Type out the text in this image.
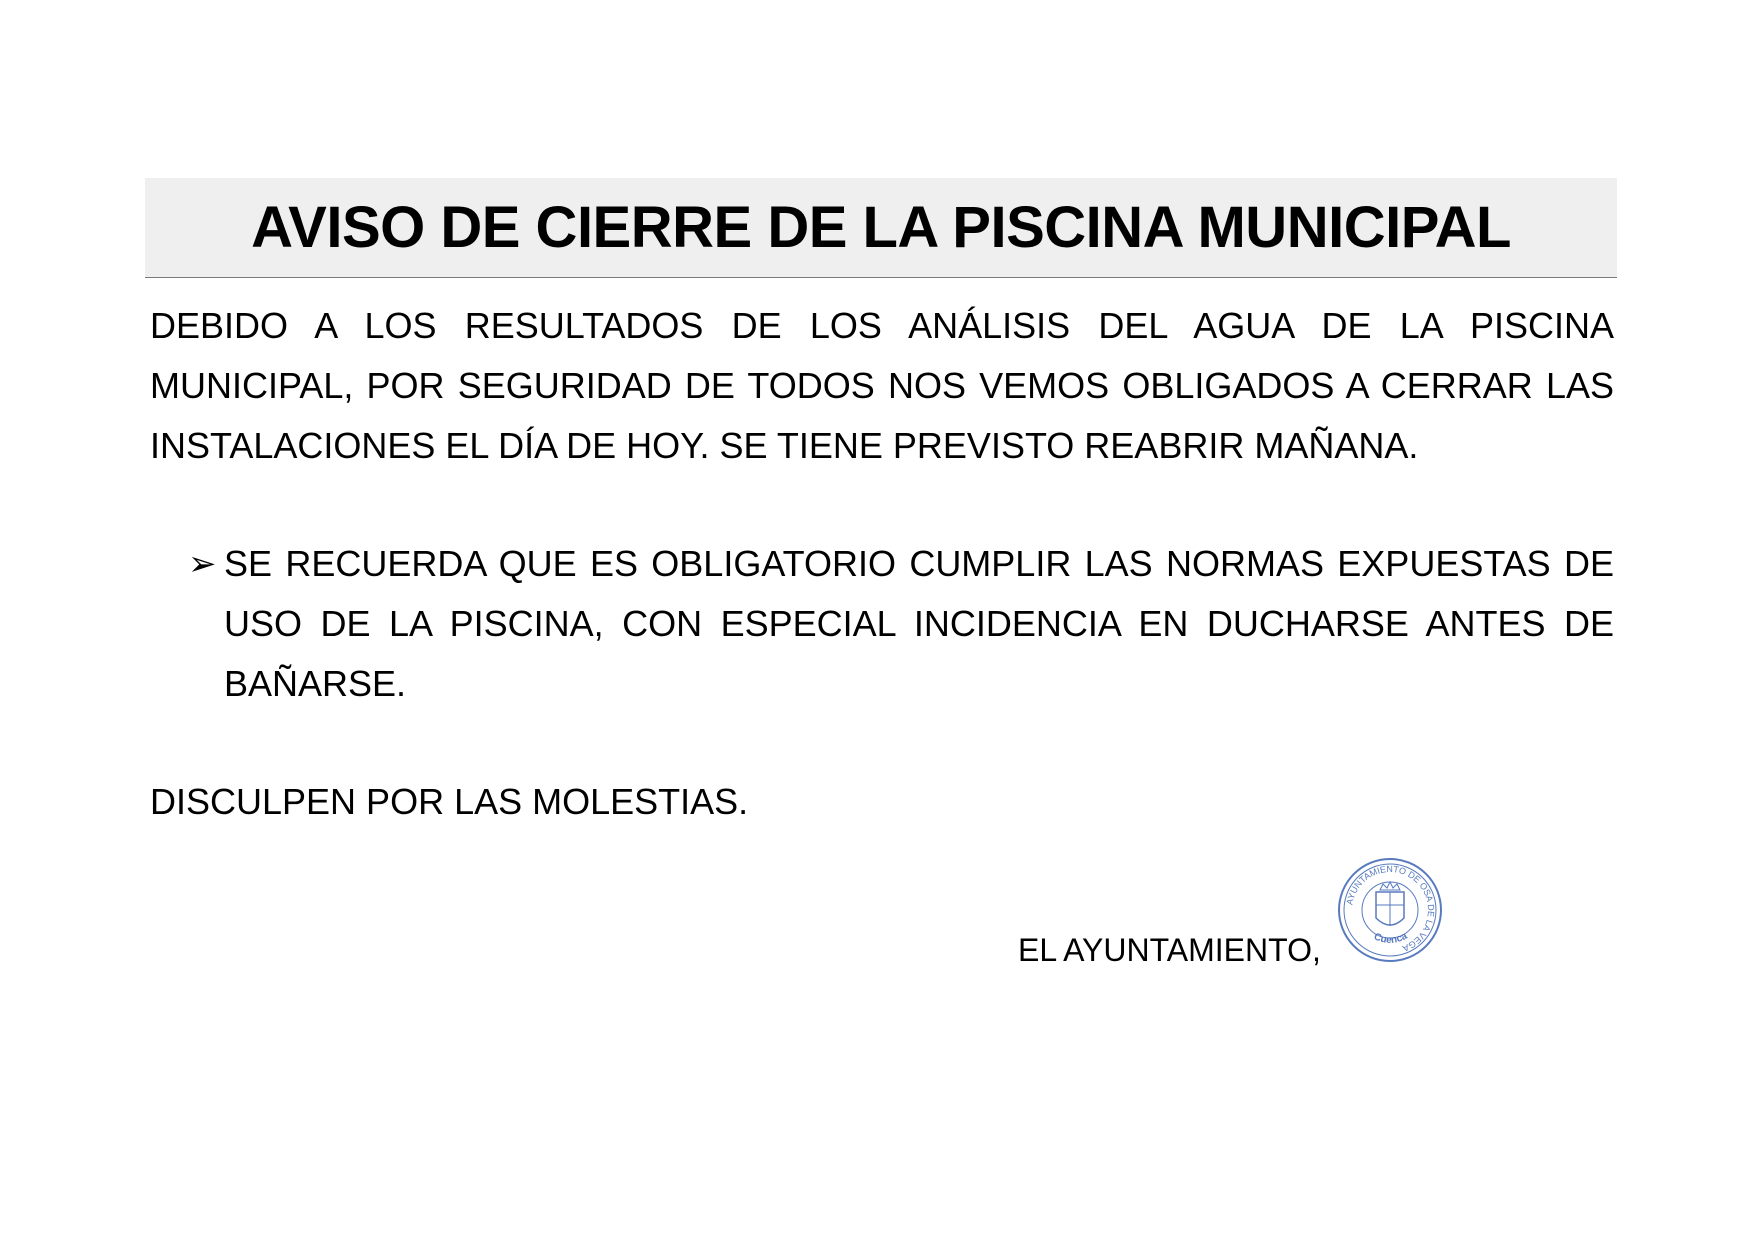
AVISO DE CIERRE DE LA PISCINA MUNICIPAL

DEBIDO A LOS RESULTADOS DE LOS ANÁLISIS DEL AGUA DE LA PISCINA MUNICIPAL, POR SEGURIDAD DE TODOS NOS VEMOS OBLIGADOS A CERRAR LAS INSTALACIONES EL DÍA DE HOY. SE TIENE PREVISTO REABRIR MAÑANA.

➢ SE RECUERDA QUE ES OBLIGATORIO CUMPLIR LAS NORMAS EXPUESTAS DE USO DE LA PISCINA, CON ESPECIAL INCIDENCIA EN DUCHARSE ANTES DE BAÑARSE.

DISCULPEN POR LAS MOLESTIAS.

EL AYUNTAMIENTO,

AYUNTAMIENTO DE OSA DE LA VEGA
Cuenca
